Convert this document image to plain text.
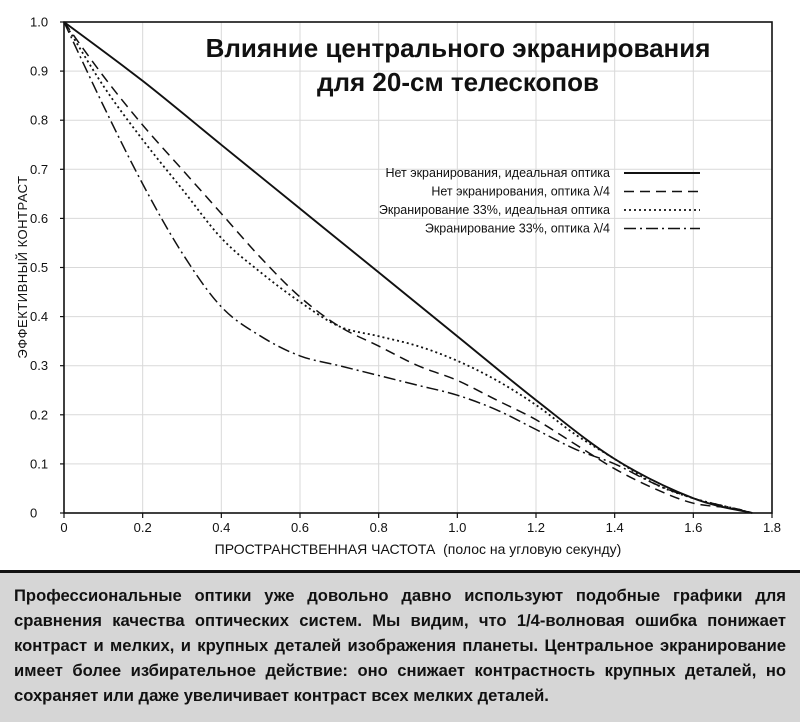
0	0.2	0.4	0.6	0.8	1.0	1.2	1.4	1.6	1.8
0
0.1
0.2
0.3
0.4
0.5
0.6
0.7
0.8
0.9
1.0
Влияние центрального экранирования
для 20-см телескопов
ЭФФЕКТИВНЫЙ КОНТРАСТ
ПРОСТРАНСТВЕННАЯ ЧАСТОТА  (полос на угловую секунду)
Нет экранирования, идеальная оптика
Нет экранирования, оптика λ/4
Экранирование 33%, идеальная оптика
Экранирование 33%, оптика λ/4

Профессиональные оптики уже довольно давно используют подобные графики для сравнения качества оптических систем. Мы видим, что 1/4-волновая ошибка понижает контраст и мелких, и крупных деталей изображения планеты. Центральное экранирование имеет более избирательное действие: оно снижает контрастность крупных деталей, но сохраняет или даже увеличивает контраст всех мелких деталей.
